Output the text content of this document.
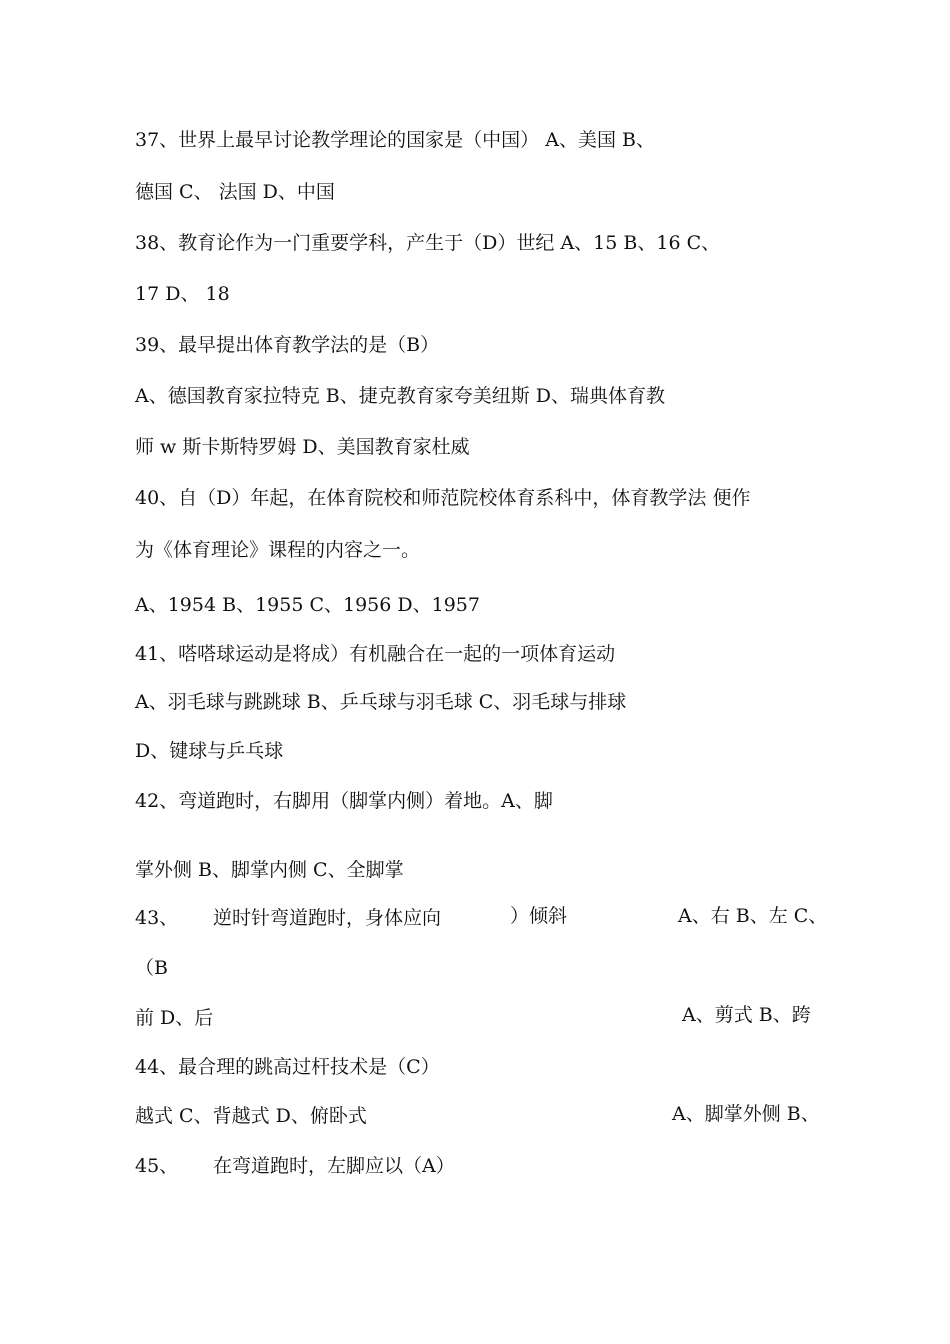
37、世界上最早讨论教学理论的国家是（中国） A、美国 B、
德国 C、 法国 D、中国
38、教育论作为一门重要学科，产生于（D）世纪 A、15 B、16 C、
17 D、 18
39、最早提出体育教学法的是（B）
A、德国教育家拉特克 B、捷克教育家夸美纽斯 D、瑞典体育教
师 w 斯卡斯特罗姆 D、美国教育家杜威
40、自（D）年起，在体育院校和师范院校体育系科中，体育教学法 便作
为《体育理论》课程的内容之一。
A、1954 B、1955 C、1956 D、1957
41、嗒嗒球运动是将成）有机融合在一起的一项体育运动
A、羽毛球与跳跳球 B、乒乓球与羽毛球 C、羽毛球与排球
D、键球与乒乓球
42、弯道跑时，右脚用（脚掌内侧）着地。A、脚
掌外侧 B、脚掌内侧 C、全脚掌
43、 逆时针弯道跑时，身体应向	）倾斜	A、右 B、左 C、
（B
前 D、后	A、剪式 B、跨
44、最合理的跳高过杆技术是（C）
越式 C、背越式 D、俯卧式	A、脚掌外侧 B、
45、 在弯道跑时，左脚应以（A）
